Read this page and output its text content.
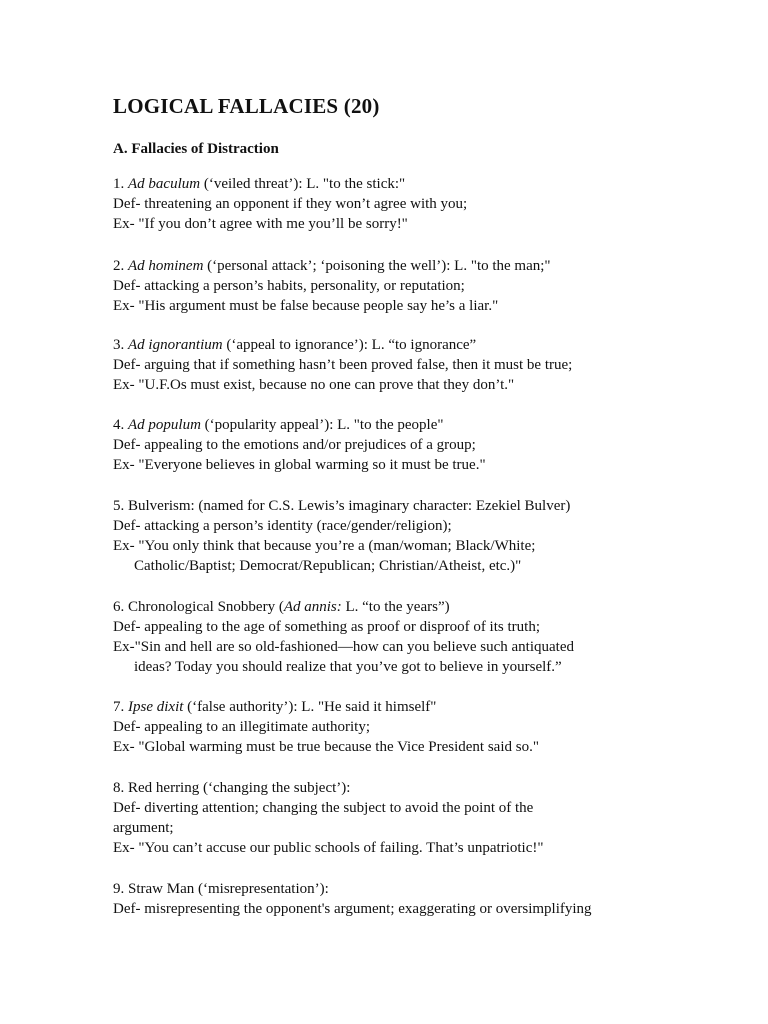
LOGICAL FALLACIES (20)
A. Fallacies of Distraction
1. Ad baculum (‘veiled threat’): L. "to the stick:"
Def- threatening an opponent if they won’t agree with you;
Ex- "If you don’t agree with me you’ll be sorry!"
2. Ad hominem (‘personal attack’; ‘poisoning the well’): L. "to the man;"
Def- attacking a person’s habits, personality, or reputation;
Ex- "His argument must be false because people say he’s a liar."
3. Ad ignorantium (‘appeal to ignorance’): L. “to ignorance”
Def- arguing that if something hasn’t been proved false, then it must be true;
Ex- "U.F.Os must exist, because no one can prove that they don’t."
4. Ad populum (‘popularity appeal’): L. "to the people"
Def- appealing to the emotions and/or prejudices of a group;
Ex- "Everyone believes in global warming so it must be true."
5. Bulverism: (named for C.S. Lewis’s imaginary character: Ezekiel Bulver)
Def- attacking a person’s identity (race/gender/religion);
Ex- "You only think that because you’re a (man/woman; Black/White;
Catholic/Baptist; Democrat/Republican; Christian/Atheist, etc.)"
6. Chronological Snobbery (Ad annis: L. “to the years”)
Def- appealing to the age of something as proof or disproof of its truth;
Ex-"Sin and hell are so old-fashioned—how can you believe such antiquated
ideas? Today you should realize that you’ve got to believe in yourself.”
7. Ipse dixit (‘false authority’): L. "He said it himself"
Def- appealing to an illegitimate authority;
Ex- "Global warming must be true because the Vice President said so."
8. Red herring (‘changing the subject’):
Def- diverting attention; changing the subject to avoid the point of the
argument;
Ex- "You can’t accuse our public schools of failing. That’s unpatriotic!"
9. Straw Man (‘misrepresentation’):
Def- misrepresenting the opponent's argument; exaggerating or oversimplifying
